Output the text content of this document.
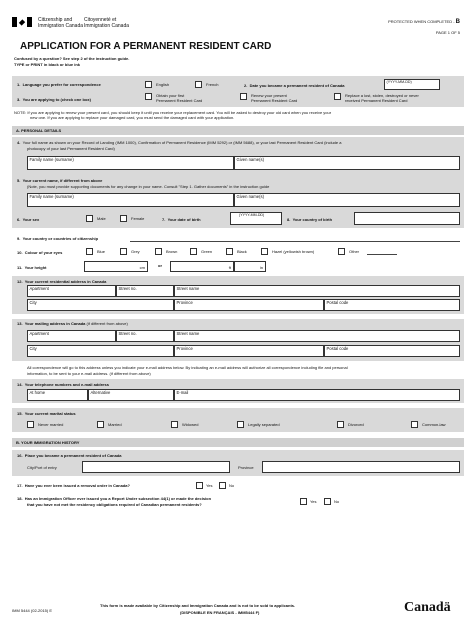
Citizenship and
Immigration Canada
Citoyenneté et
Immigration Canada
PROTECTED WHEN COMPLETED - B
PAGE 1 OF 5
APPLICATION FOR A PERMANENT RESIDENT CARD
Confused by a question? See step 2 of the instruction guide.
TYPE or PRINT in black or blue ink
1. Language you prefer for correspondence	English	French	2. Date you became a permanent resident of Canada
(YYYY-MM-DD)
3. You are applying to (check one box)
Obtain your first
Permanent Resident Card
Renew your present
Permanent Resident Card
Replace a lost, stolen, destroyed or never
received Permanent Resident Card
NOTE: If you are applying to renew your present card, you should keep it until you receive your replacement card. You will be asked to destroy your old card when you receive your
new one. If you are applying to replace your damaged card, you must send the damaged card with your application.
A. PERSONAL DETAILS
4. Your full name as shown on your Record of Landing (IMM 1000), Confirmation of Permanent Residence (IMM 5292) or (IMM 5688), or your last Permanent Resident Card (include a
photocopy of your last Permanent Resident Card)
Family name (surname)	Given name(s)
5. Your current name, if different from above
(Note, you must provide supporting documents for any change in your name. Consult "Step 1. Gather documents" in the instruction guide
Family name (surname)	Given name(s)
6. Your sex	Male	Female	7. Your date of birth
(YYYY-MM-DD)
8. Your country of birth
9. Your country or countries of citizenship
10. Colour of your eyes	Blue	Grey	Brown	Green	Black	Hazel (yellowish brown)	Other
11. Your height	cm	or	ft	in
12. Your current residential address in Canada
Apartment	Street no.	Street name
City	Province	Postal code
13. Your mailing address in Canada (if different from above)
Apartment	Street no.	Street name
City	Province	Postal code
All correspondence will go to this address unless you indicate your e-mail address below. By indicating an e-mail address will authorize all correspondence including file and personal
information, to be sent to your e-mail address. (if different from above)
14. Your telephone numbers and e-mail address
At home	Alternative	E-mail
15. Your current marital status
Never married	Married	Widowed	Legally separated	Divorced	Common-law
B. YOUR IMMIGRATION HISTORY
16. Place you became a permanent resident of Canada
City/Port of entry	Province
17. Have you ever been issued a removal order in Canada?	Yes	No
18. Has an Immigration Officer ever issued you a Report Under subsection 44(1) or made the decision
that you have not met the residency obligations required of Canadian permanent residents?
Yes	No
IMM 5444 (02-2015) E
This form is made available by Citizenship and Immigration Canada and is not to be sold to applicants.
(DISPONIBLE EN FRANÇAIS - IMM5444 F)	Canadä
